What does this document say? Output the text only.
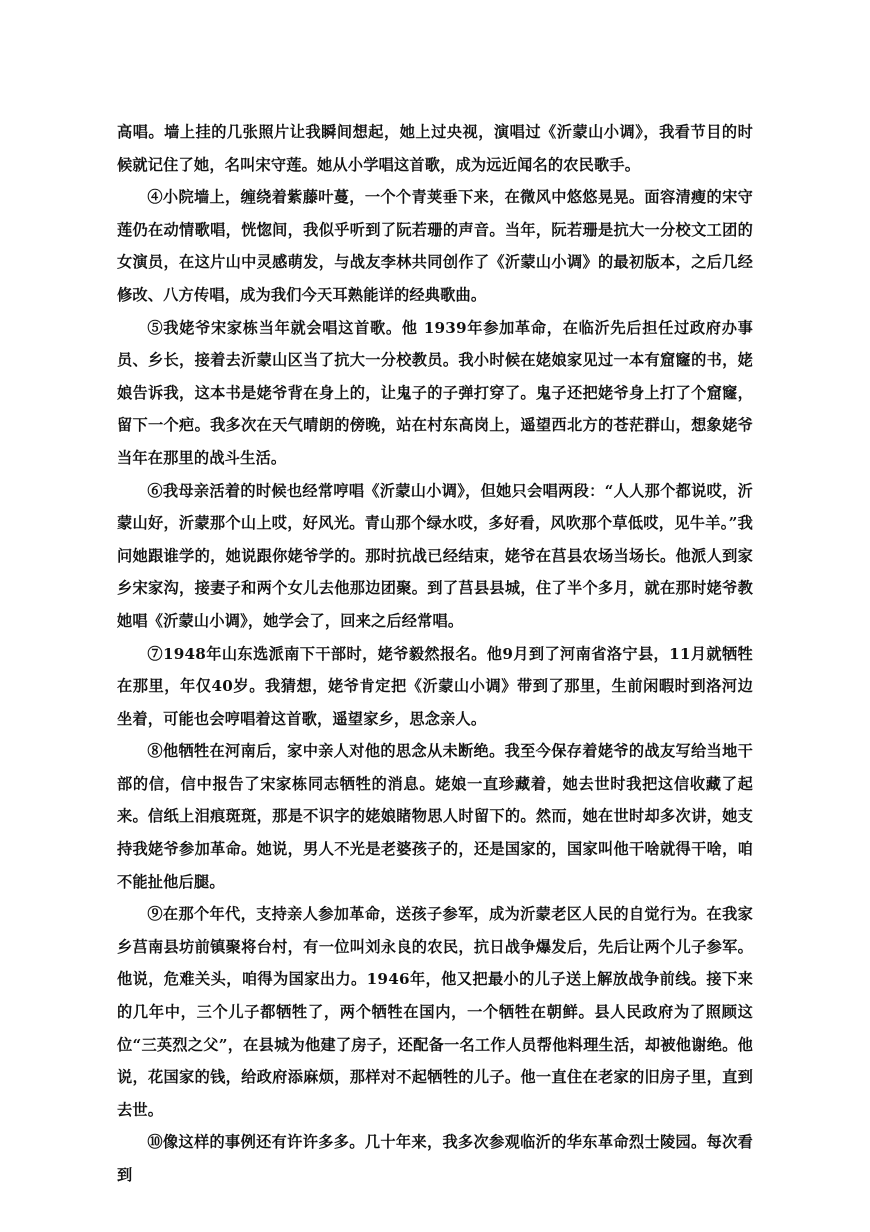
高唱。墙上挂的几张照片让我瞬间想起，她上过央视，演唱过《沂蒙山小调》，我看节目的时候就记住了她，名叫宋守莲。她从小学唱这首歌，成为远近闻名的农民歌手。

④小院墙上，缠绕着紫藤叶蔓，一个个青荚垂下来，在微风中悠悠晃晃。面容清瘦的宋守莲仍在动情歌唱，恍惚间，我似乎听到了阮若珊的声音。当年，阮若珊是抗大一分校文工团的女演员，在这片山中灵感萌发，与战友李林共同创作了《沂蒙山小调》的最初版本，之后几经修改、八方传唱，成为我们今天耳熟能详的经典歌曲。

⑤我姥爷宋家栋当年就会唱这首歌。他 1939年参加革命，在临沂先后担任过政府办事员、乡长，接着去沂蒙山区当了抗大一分校教员。我小时候在姥娘家见过一本有窟窿的书，姥娘告诉我，这本书是姥爷背在身上的，让鬼子的子弹打穿了。鬼子还把姥爷身上打了个窟窿，留下一个疤。我多次在天气晴朗的傍晚，站在村东高岗上，遥望西北方的苍茫群山，想象姥爷当年在那里的战斗生活。

⑥我母亲活着的时候也经常哼唱《沂蒙山小调》，但她只会唱两段：“人人那个都说哎，沂蒙山好，沂蒙那个山上哎，好风光。青山那个绿水哎，多好看，风吹那个草低哎，见牛羊。”我问她跟谁学的，她说跟你姥爷学的。那时抗战已经结束，姥爷在莒县农场当场长。他派人到家乡宋家沟，接妻子和两个女儿去他那边团聚。到了莒县县城，住了半个多月，就在那时姥爷教她唱《沂蒙山小调》，她学会了，回来之后经常唱。

⑦1948年山东选派南下干部时，姥爷毅然报名。他9月到了河南省洛宁县，11月就牺牲在那里，年仅40岁。我猜想，姥爷肯定把《沂蒙山小调》带到了那里，生前闲暇时到洛河边坐着，可能也会哼唱着这首歌，遥望家乡，思念亲人。

⑧他牺牲在河南后，家中亲人对他的思念从未断绝。我至今保存着姥爷的战友写给当地干部的信，信中报告了宋家栋同志牺牲的消息。姥娘一直珍藏着，她去世时我把这信收藏了起来。信纸上泪痕斑斑，那是不识字的姥娘睹物思人时留下的。然而，她在世时却多次讲，她支持我姥爷参加革命。她说，男人不光是老婆孩子的，还是国家的，国家叫他干啥就得干啥，咱不能扯他后腿。

⑨在那个年代，支持亲人参加革命，送孩子参军，成为沂蒙老区人民的自觉行为。在我家乡莒南县坊前镇聚将台村，有一位叫刘永良的农民，抗日战争爆发后，先后让两个儿子参军。他说，危难关头，咱得为国家出力。1946年，他又把最小的儿子送上解放战争前线。接下来的几年中，三个儿子都牺牲了，两个牺牲在国内，一个牺牲在朝鲜。县人民政府为了照顾这位“三英烈之父”，在县城为他建了房子，还配备一名工作人员帮他料理生活，却被他谢绝。他说，花国家的钱，给政府添麻烦，那样对不起牺牲的儿子。他一直住在老家的旧房子里，直到去世。

⑩像这样的事例还有许许多多。几十年来，我多次参观临沂的华东革命烈士陵园。每次看到
